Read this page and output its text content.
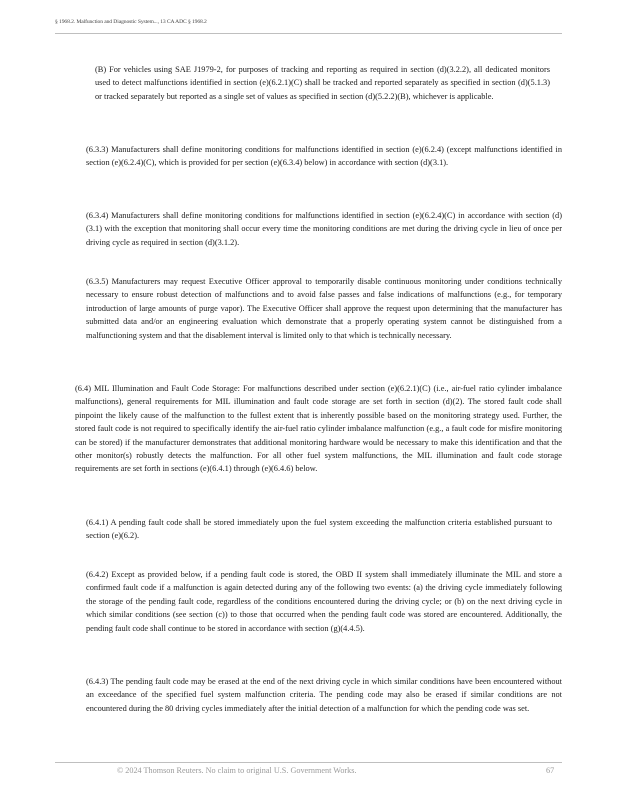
§ 1968.2. Malfunction and Diagnostic System..., 13 CA ADC § 1968.2

(B) For vehicles using SAE J1979-2, for purposes of tracking and reporting as required in section (d)(3.2.2), all dedicated monitors used to detect malfunctions identified in section (e)(6.2.1)(C) shall be tracked and reported separately as specified in section (d)(5.1.3) or tracked separately but reported as a single set of values as specified in section (d)(5.2.2)(B), whichever is applicable.

(6.3.3) Manufacturers shall define monitoring conditions for malfunctions identified in section (e)(6.2.4) (except malfunctions identified in section (e)(6.2.4)(C), which is provided for per section (e)(6.3.4) below) in accordance with section (d)(3.1).

(6.3.4) Manufacturers shall define monitoring conditions for malfunctions identified in section (e)(6.2.4)(C) in accordance with section (d)(3.1) with the exception that monitoring shall occur every time the monitoring conditions are met during the driving cycle in lieu of once per driving cycle as required in section (d)(3.1.2).

(6.3.5) Manufacturers may request Executive Officer approval to temporarily disable continuous monitoring under conditions technically necessary to ensure robust detection of malfunctions and to avoid false passes and false indications of malfunctions (e.g., for temporary introduction of large amounts of purge vapor). The Executive Officer shall approve the request upon determining that the manufacturer has submitted data and/or an engineering evaluation which demonstrate that a properly operating system cannot be distinguished from a malfunctioning system and that the disablement interval is limited only to that which is technically necessary.

(6.4) MIL Illumination and Fault Code Storage: For malfunctions described under section (e)(6.2.1)(C) (i.e., air-fuel ratio cylinder imbalance malfunctions), general requirements for MIL illumination and fault code storage are set forth in section (d)(2). The stored fault code shall pinpoint the likely cause of the malfunction to the fullest extent that is inherently possible based on the monitoring strategy used. Further, the stored fault code is not required to specifically identify the air-fuel ratio cylinder imbalance malfunction (e.g., a fault code for misfire monitoring can be stored) if the manufacturer demonstrates that additional monitoring hardware would be necessary to make this identification and that the other monitor(s) robustly detects the malfunction. For all other fuel system malfunctions, the MIL illumination and fault code storage requirements are set forth in sections (e)(6.4.1) through (e)(6.4.6) below.

(6.4.1) A pending fault code shall be stored immediately upon the fuel system exceeding the malfunction criteria established pursuant to section (e)(6.2).

(6.4.2) Except as provided below, if a pending fault code is stored, the OBD II system shall immediately illuminate the MIL and store a confirmed fault code if a malfunction is again detected during any of the following two events: (a) the driving cycle immediately following the storage of the pending fault code, regardless of the conditions encountered during the driving cycle; or (b) on the next driving cycle in which similar conditions (see section (c)) to those that occurred when the pending fault code was stored are encountered. Additionally, the pending fault code shall continue to be stored in accordance with section (g)(4.4.5).

(6.4.3) The pending fault code may be erased at the end of the next driving cycle in which similar conditions have been encountered without an exceedance of the specified fuel system malfunction criteria. The pending code may also be erased if similar conditions are not encountered during the 80 driving cycles immediately after the initial detection of a malfunction for which the pending code was set.

© 2024 Thomson Reuters. No claim to original U.S. Government Works.	67
